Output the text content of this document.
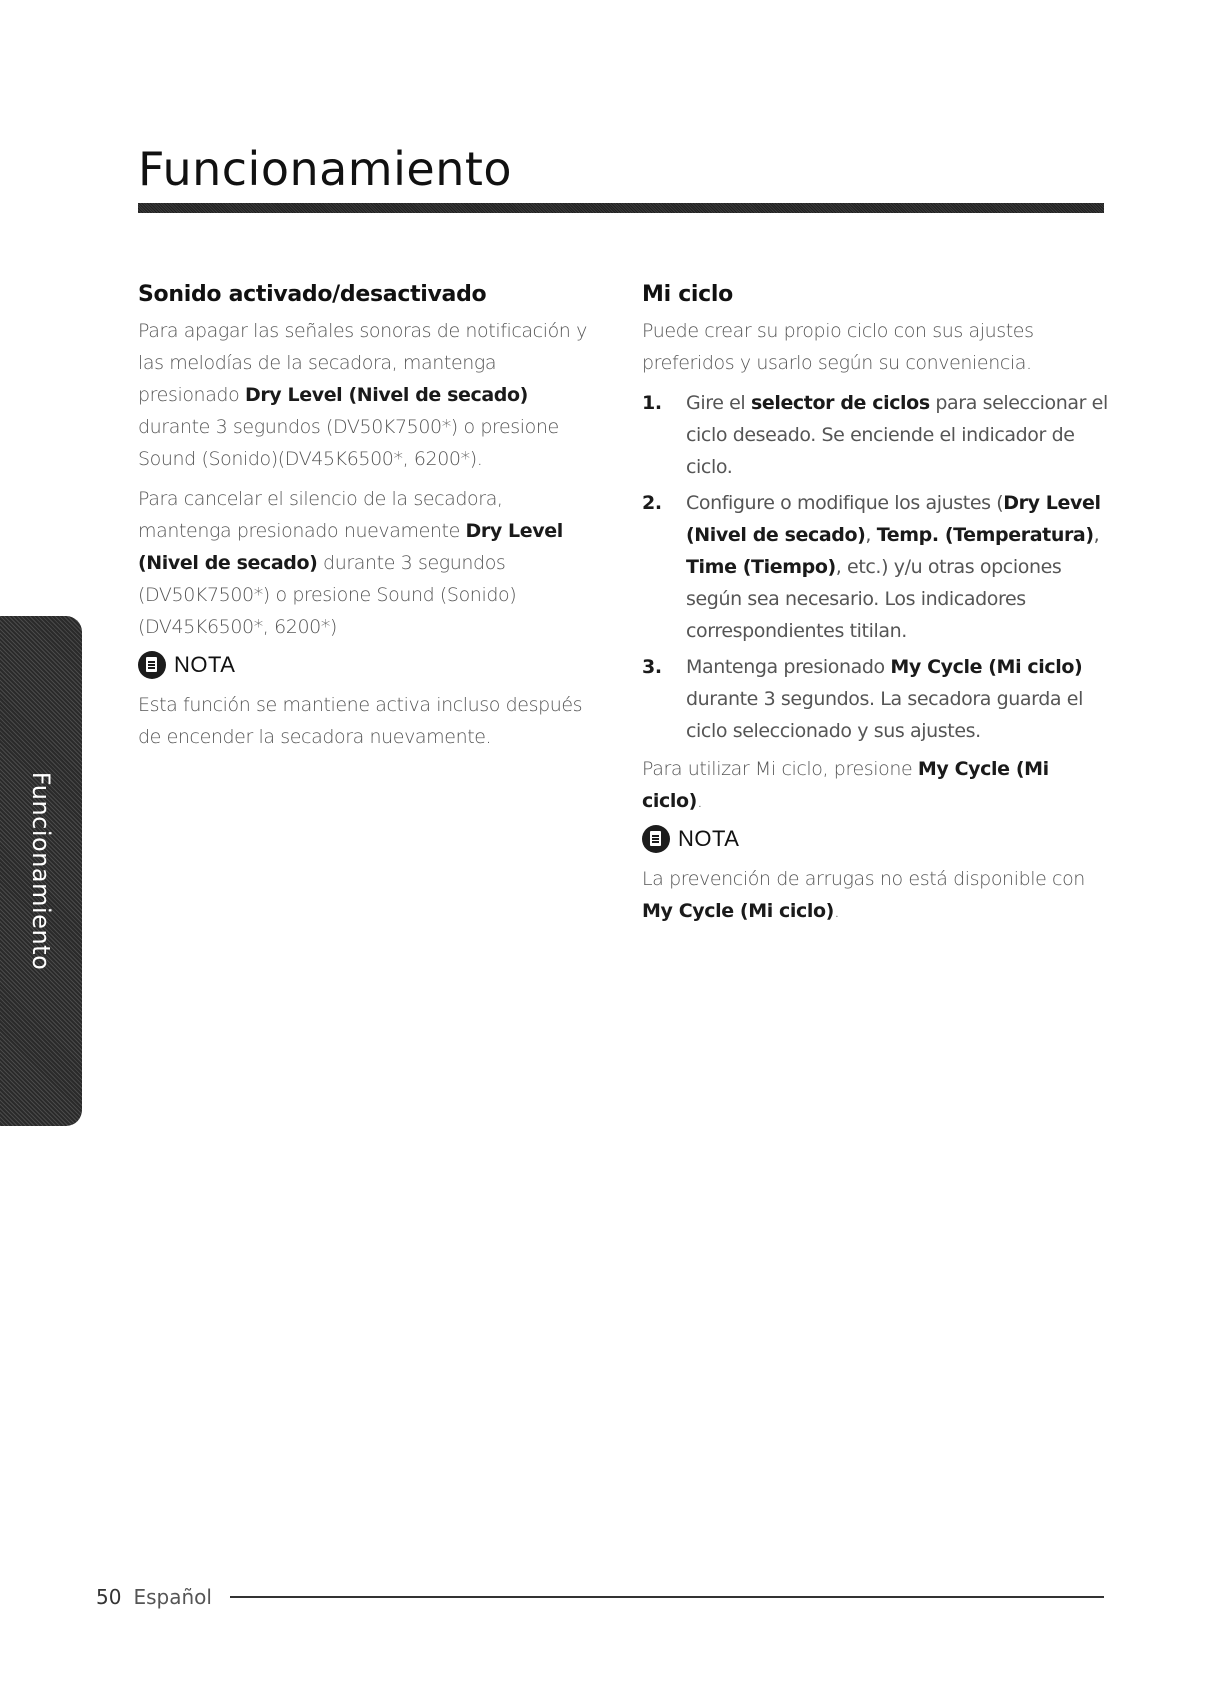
Funcionamiento
Funcionamiento
Sonido activado/desactivado

Para apagar las señales sonoras de notificación y las melodías de la secadora, mantenga presionado Dry Level (Nivel de secado) durante 3 segundos (DV50K7500*) o presione Sound (Sonido)(DV45K6500*, 6200*).

Para cancelar el silencio de la secadora, mantenga presionado nuevamente Dry Level (Nivel de secado) durante 3 segundos (DV50K7500*) o presione Sound (Sonido) (DV45K6500*, 6200*)

NOTA

Esta función se mantiene activa incluso después de encender la secadora nuevamente.

Mi ciclo

Puede crear su propio ciclo con sus ajustes preferidos y usarlo según su conveniencia.

1. Gire el selector de ciclos para seleccionar el ciclo deseado. Se enciende el indicador de ciclo.
2. Configure o modifique los ajustes (Dry Level (Nivel de secado), Temp. (Temperatura), Time (Tiempo), etc.) y/u otras opciones según sea necesario. Los indicadores correspondientes titilan.
3. Mantenga presionado My Cycle (Mi ciclo) durante 3 segundos. La secadora guarda el ciclo seleccionado y sus ajustes.

Para utilizar Mi ciclo, presione My Cycle (Mi ciclo).

NOTA

La prevención de arrugas no está disponible con My Cycle (Mi ciclo).

50 Español
